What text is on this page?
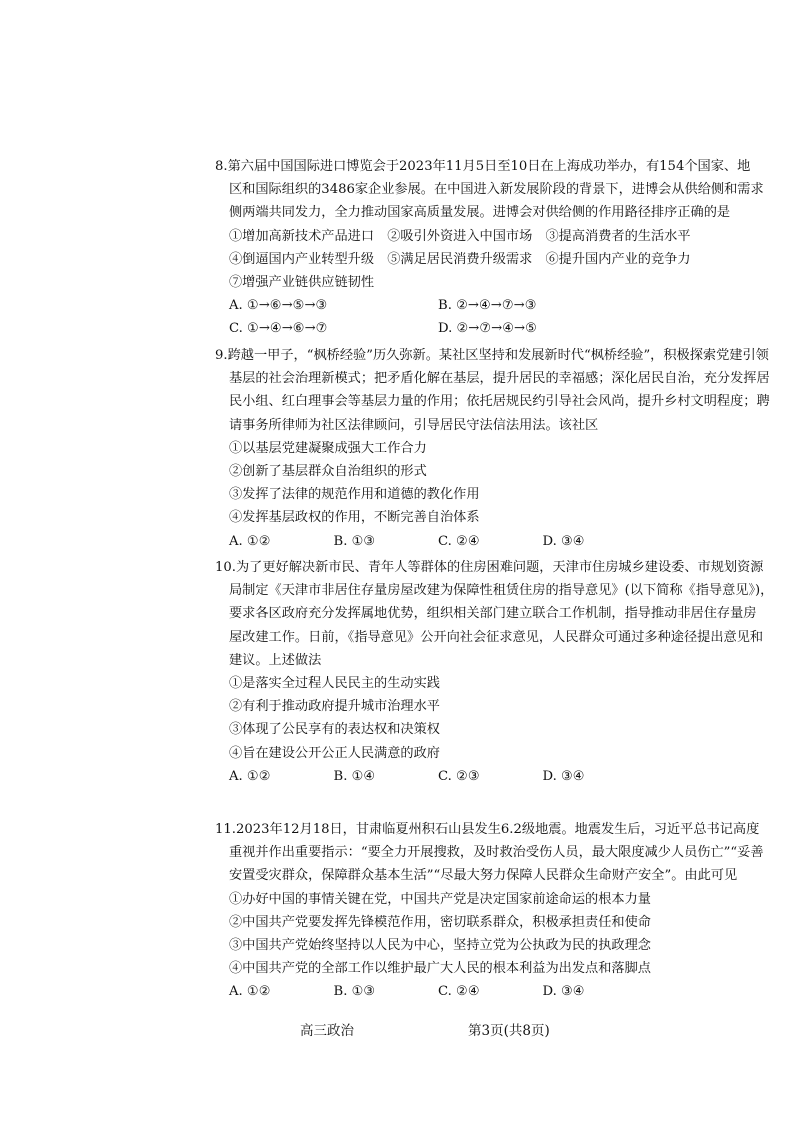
8.第六届中国国际进口博览会于2023年11月5日至10日在上海成功举办，有154个国家、地
区和国际组织的3486家企业参展。在中国进入新发展阶段的背景下，进博会从供给侧和需求
侧两端共同发力，全力推动国家高质量发展。进博会对供给侧的作用路径排序正确的是
①增加高新技术产品进口　②吸引外资进入中国市场　③提高消费者的生活水平
④倒逼国内产业转型升级　⑤满足居民消费升级需求　⑥提升国内产业的竞争力
⑦增强产业链供应链韧性
A. ①→⑥→⑤→③	B. ②→④→⑦→③
C. ①→④→⑥→⑦	D. ②→⑦→④→⑤
9.跨越一甲子，“枫桥经验”历久弥新。某社区坚持和发展新时代“枫桥经验”，积极探索党建引领
基层的社会治理新模式；把矛盾化解在基层，提升居民的幸福感；深化居民自治，充分发挥居
民小组、红白理事会等基层力量的作用；依托居规民约引导社会风尚，提升乡村文明程度；聘
请事务所律师为社区法律顾问，引导居民守法信法用法。该社区
①以基层党建凝聚成强大工作合力
②创新了基层群众自治组织的形式
③发挥了法律的规范作用和道德的教化作用
④发挥基层政权的作用，不断完善自治体系
A. ①②	B. ①③	C. ②④	D. ③④
10.为了更好解决新市民、青年人等群体的住房困难问题，天津市住房城乡建设委、市规划资源
局制定《天津市非居住存量房屋改建为保障性租赁住房的指导意见》(以下简称《指导意见》)，
要求各区政府充分发挥属地优势，组织相关部门建立联合工作机制，指导推动非居住存量房
屋改建工作。日前，《指导意见》公开向社会征求意见，人民群众可通过多种途径提出意见和
建议。上述做法
①是落实全过程人民民主的生动实践
②有利于推动政府提升城市治理水平
③体现了公民享有的表达权和决策权
④旨在建设公开公正人民满意的政府
A. ①②	B. ①④	C. ②③	D. ③④
11.2023年12月18日，甘肃临夏州积石山县发生6.2级地震。地震发生后，习近平总书记高度
重视并作出重要指示：“要全力开展搜救，及时救治受伤人员，最大限度减少人员伤亡”“妥善
安置受灾群众，保障群众基本生活”“尽最大努力保障人民群众生命财产安全”。由此可见
①办好中国的事情关键在党，中国共产党是决定国家前途命运的根本力量
②中国共产党要发挥先锋模范作用，密切联系群众，积极承担责任和使命
③中国共产党始终坚持以人民为中心，坚持立党为公执政为民的执政理念
④中国共产党的全部工作以维护最广大人民的根本利益为出发点和落脚点
A. ①②	B. ①③	C. ②④	D. ③④
高三政治	第3页(共8页)
